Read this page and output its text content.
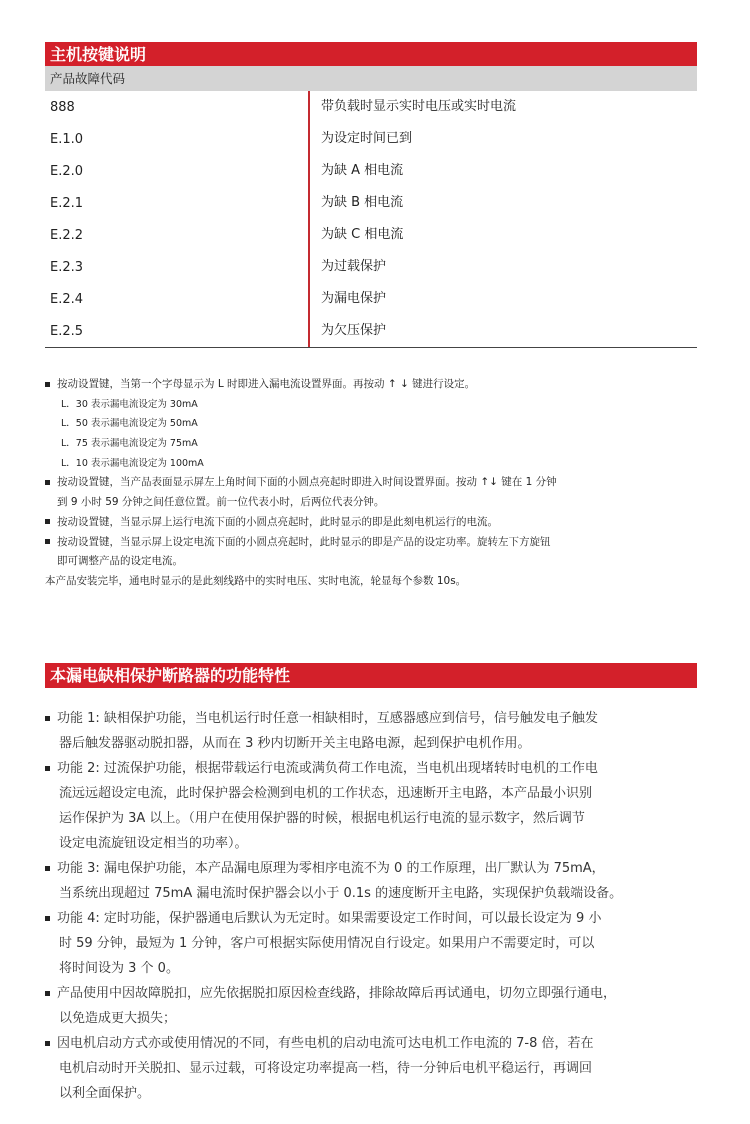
主机按键说明
产品故障代码
888	带负载时显示实时电压或实时电流
E.1.0	为设定时间已到
E.2.0	为缺 A 相电流
E.2.1	为缺 B 相电流
E.2.2	为缺 C 相电流
E.2.3	为过载保护
E.2.4	为漏电保护
E.2.5	为欠压保护
按动设置键，当第一个字母显示为 L 时即进入漏电流设置界面。再按动 ↑ ↓ 键进行设定。
L．30 表示漏电流设定为 30mA
L．50 表示漏电流设定为 50mA
L．75 表示漏电流设定为 75mA
L．10 表示漏电流设定为 100mA
按动设置键，当产品表面显示屏左上角时间下面的小圆点亮起时即进入时间设置界面。按动 ↑↓ 键在 1 分钟
到 9 小时 59 分钟之间任意位置。前一位代表小时，后两位代表分钟。
按动设置键，当显示屏上运行电流下面的小圆点亮起时，此时显示的即是此刻电机运行的电流。
按动设置键，当显示屏上设定电流下面的小圆点亮起时，此时显示的即是产品的设定功率。旋转左下方旋钮
即可调整产品的设定电流。
本产品安装完毕，通电时显示的是此刻线路中的实时电压、实时电流，轮显每个参数 10s。
本漏电缺相保护断路器的功能特性
功能 1: 缺相保护功能，当电机运行时任意一相缺相时，互感器感应到信号，信号触发电子触发
器后触发器驱动脱扣器，从而在 3 秒内切断开关主电路电源，起到保护电机作用。
功能 2: 过流保护功能，根据带载运行电流或满负荷工作电流，当电机出现堵转时电机的工作电
流远远超设定电流，此时保护器会检测到电机的工作状态，迅速断开主电路，本产品最小识别
运作保护为 3A 以上。（用户在使用保护器的时候，根据电机运行电流的显示数字，然后调节
设定电流旋钮设定相当的功率）。
功能 3: 漏电保护功能，本产品漏电原理为零相序电流不为 0 的工作原理，出厂默认为 75mA，
当系统出现超过 75mA 漏电流时保护器会以小于 0.1s 的速度断开主电路，实现保护负载端设备。
功能 4: 定时功能，保护器通电后默认为无定时。如果需要设定工作时间，可以最长设定为 9 小
时 59 分钟，最短为 1 分钟，客户可根据实际使用情况自行设定。如果用户不需要定时，可以
将时间设为 3 个 0。
产品使用中因故障脱扣，应先依据脱扣原因检查线路，排除故障后再试通电，切勿立即强行通电，
以免造成更大损失；
因电机启动方式亦或使用情况的不同，有些电机的启动电流可达电机工作电流的 7-8 倍，若在
电机启动时开关脱扣、显示过载，可将设定功率提高一档，待一分钟后电机平稳运行，再调回
以利全面保护。
